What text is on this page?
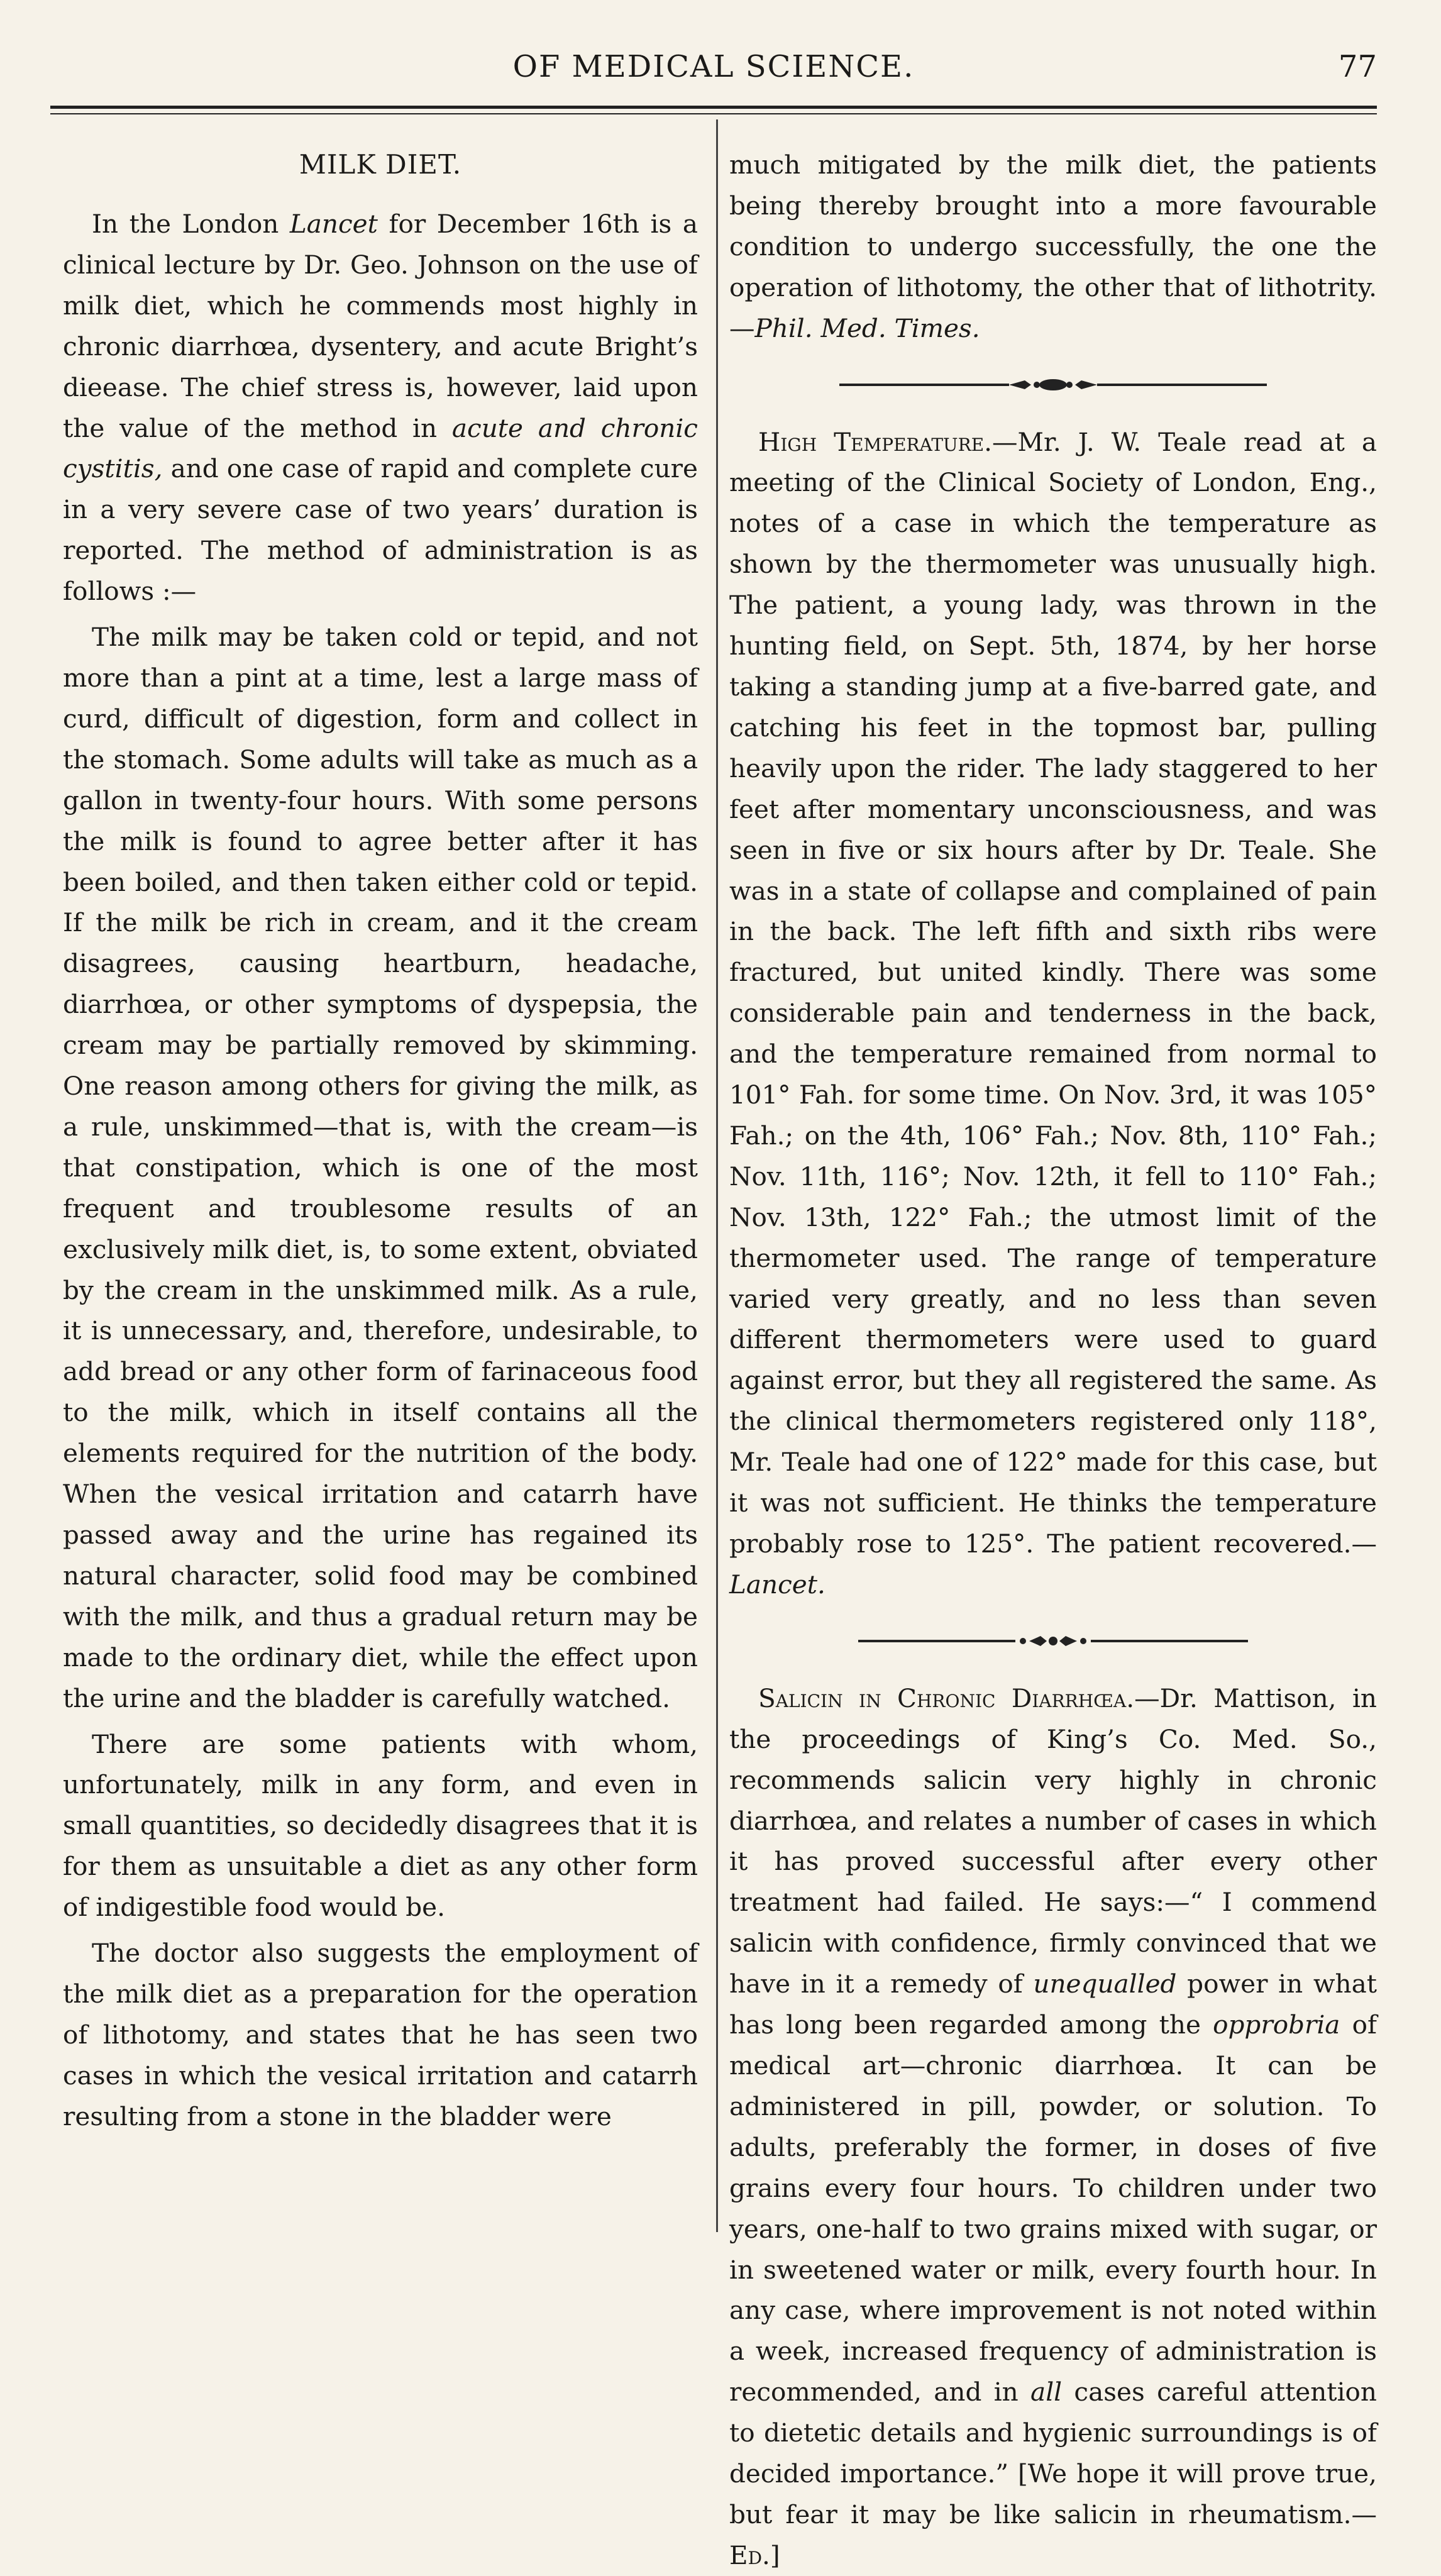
OF MEDICAL SCIENCE.	77
MILK DIET.

In the London Lancet for December 16th is a clinical lecture by Dr. Geo. Johnson on the use of milk diet, which he commends most highly in chronic diarrhœa, dysentery, and acute Bright’s dieease. The chief stress is, however, laid upon the value of the method in acute and chronic cystitis, and one case of rapid and complete cure in a very severe case of two years’ duration is reported. The method of administration is as follows :—

The milk may be taken cold or tepid, and not more than a pint at a time, lest a large mass of curd, difficult of digestion, form and collect in the stomach. Some adults will take as much as a gallon in twenty-four hours. With some persons the milk is found to agree better after it has been boiled, and then taken either cold or tepid. If the milk be rich in cream, and it the cream disagrees, causing heartburn, headache, diarrhœa, or other symptoms of dyspepsia, the cream may be partially removed by skimming. One reason among others for giving the milk, as a rule, unskimmed—that is, with the cream—is that constipation, which is one of the most frequent and troublesome results of an exclusively milk diet, is, to some extent, obviated by the cream in the unskimmed milk. As a rule, it is unnecessary, and, therefore, undesirable, to add bread or any other form of farinaceous food to the milk, which in itself contains all the elements required for the nutrition of the body. When the vesical irritation and catarrh have passed away and the urine has regained its natural character, solid food may be combined with the milk, and thus a gradual return may be made to the ordinary diet, while the effect upon the urine and the bladder is carefully watched.

There are some patients with whom, unfortunately, milk in any form, and even in small quantities, so decidedly disagrees that it is for them as unsuitable a diet as any other form of indigestible food would be.

The doctor also suggests the employment of the milk diet as a preparation for the operation of lithotomy, and states that he has seen two cases in which the vesical irritation and catarrh resulting from a stone in the bladder were

much mitigated by the milk diet, the patients being thereby brought into a more favourable condition to undergo successfully, the one the operation of lithotomy, the other that of lithotrity.—Phil. Med. Times.

High Temperature.—Mr. J. W. Teale read at a meeting of the Clinical Society of London, Eng., notes of a case in which the temperature as shown by the thermometer was unusually high. The patient, a young lady, was thrown in the hunting field, on Sept. 5th, 1874, by her horse taking a standing jump at a five-barred gate, and catching his feet in the topmost bar, pulling heavily upon the rider. The lady staggered to her feet after momentary unconsciousness, and was seen in five or six hours after by Dr. Teale. She was in a state of collapse and complained of pain in the back. The left fifth and sixth ribs were fractured, but united kindly. There was some considerable pain and tenderness in the back, and the temperature remained from normal to 101° Fah. for some time. On Nov. 3rd, it was 105° Fah.; on the 4th, 106° Fah.; Nov. 8th, 110° Fah.; Nov. 11th, 116°; Nov. 12th, it fell to 110° Fah.; Nov. 13th, 122° Fah.; the utmost limit of the thermometer used. The range of temperature varied very greatly, and no less than seven different thermometers were used to guard against error, but they all registered the same. As the clinical thermometers registered only 118°, Mr. Teale had one of 122° made for this case, but it was not sufficient. He thinks the temperature probably rose to 125°. The patient recovered.—Lancet.

Salicin in Chronic Diarrhœa.—Dr. Mattison, in the proceedings of King’s Co. Med. So., recommends salicin very highly in chronic diarrhœa, and relates a number of cases in which it has proved successful after every other treatment had failed. He says:—“ I commend salicin with confidence, firmly convinced that we have in it a remedy of unequalled power in what has long been regarded among the opprobria of medical art—chronic diarrhœa. It can be administered in pill, powder, or solution. To adults, preferably the former, in doses of five grains every four hours. To children under two years, one-half to two grains mixed with sugar, or in sweetened water or milk, every fourth hour. In any case, where improvement is not noted within a week, increased frequency of administration is recommended, and in all cases careful attention to dietetic details and hygienic surroundings is of decided importance.” [We hope it will prove true, but fear it may be like salicin in rheumatism.—Ed.]
